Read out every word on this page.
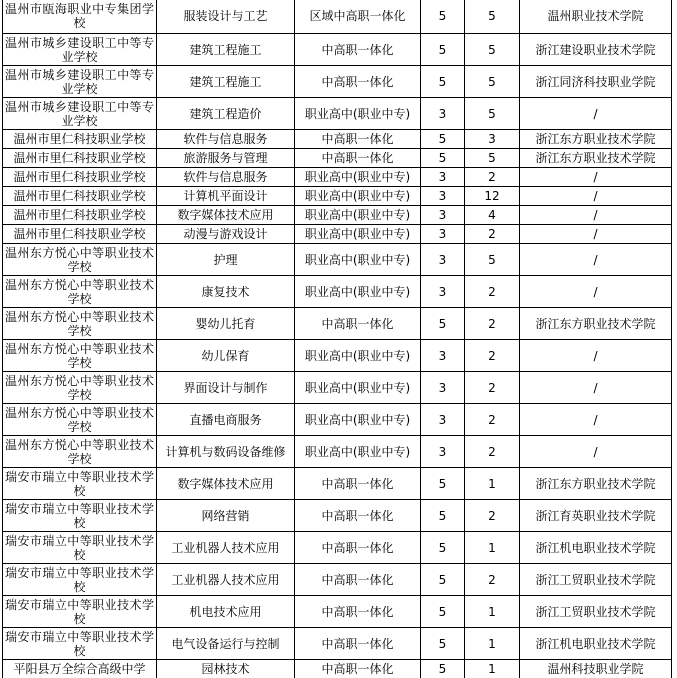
温州市瓯海职业中专集团学校	服装设计与工艺	区域中高职一体化	5	5	温州职业技术学院
温州市城乡建设职工中等专业学校	建筑工程施工	中高职一体化	5	5	浙江建设职业技术学院
温州市城乡建设职工中等专业学校	建筑工程施工	中高职一体化	5	5	浙江同济科技职业学院
温州市城乡建设职工中等专业学校	建筑工程造价	职业高中(职业中专)	3	5	/
温州市里仁科技职业学校	软件与信息服务	中高职一体化	5	3	浙江东方职业技术学院
温州市里仁科技职业学校	旅游服务与管理	中高职一体化	5	5	浙江东方职业技术学院
温州市里仁科技职业学校	软件与信息服务	职业高中(职业中专)	3	2	/
温州市里仁科技职业学校	计算机平面设计	职业高中(职业中专)	3	12	/
温州市里仁科技职业学校	数字媒体技术应用	职业高中(职业中专)	3	4	/
温州市里仁科技职业学校	动漫与游戏设计	职业高中(职业中专)	3	2	/
温州东方悦心中等职业技术学校	护理	职业高中(职业中专)	3	5	/
温州东方悦心中等职业技术学校	康复技术	职业高中(职业中专)	3	2	/
温州东方悦心中等职业技术学校	婴幼儿托育	中高职一体化	5	2	浙江东方职业技术学院
温州东方悦心中等职业技术学校	幼儿保育	职业高中(职业中专)	3	2	/
温州东方悦心中等职业技术学校	界面设计与制作	职业高中(职业中专)	3	2	/
温州东方悦心中等职业技术学校	直播电商服务	职业高中(职业中专)	3	2	/
温州东方悦心中等职业技术学校	计算机与数码设备维修	职业高中(职业中专)	3	2	/
瑞安市瑞立中等职业技术学校	数字媒体技术应用	中高职一体化	5	1	浙江东方职业技术学院
瑞安市瑞立中等职业技术学校	网络营销	中高职一体化	5	2	浙江育英职业技术学院
瑞安市瑞立中等职业技术学校	工业机器人技术应用	中高职一体化	5	1	浙江机电职业技术学院
瑞安市瑞立中等职业技术学校	工业机器人技术应用	中高职一体化	5	2	浙江工贸职业技术学院
瑞安市瑞立中等职业技术学校	机电技术应用	中高职一体化	5	1	浙江工贸职业技术学院
瑞安市瑞立中等职业技术学校	电气设备运行与控制	中高职一体化	5	1	浙江机电职业技术学院
平阳县万全综合高级中学	园林技术	中高职一体化	5	1	温州科技职业学院
